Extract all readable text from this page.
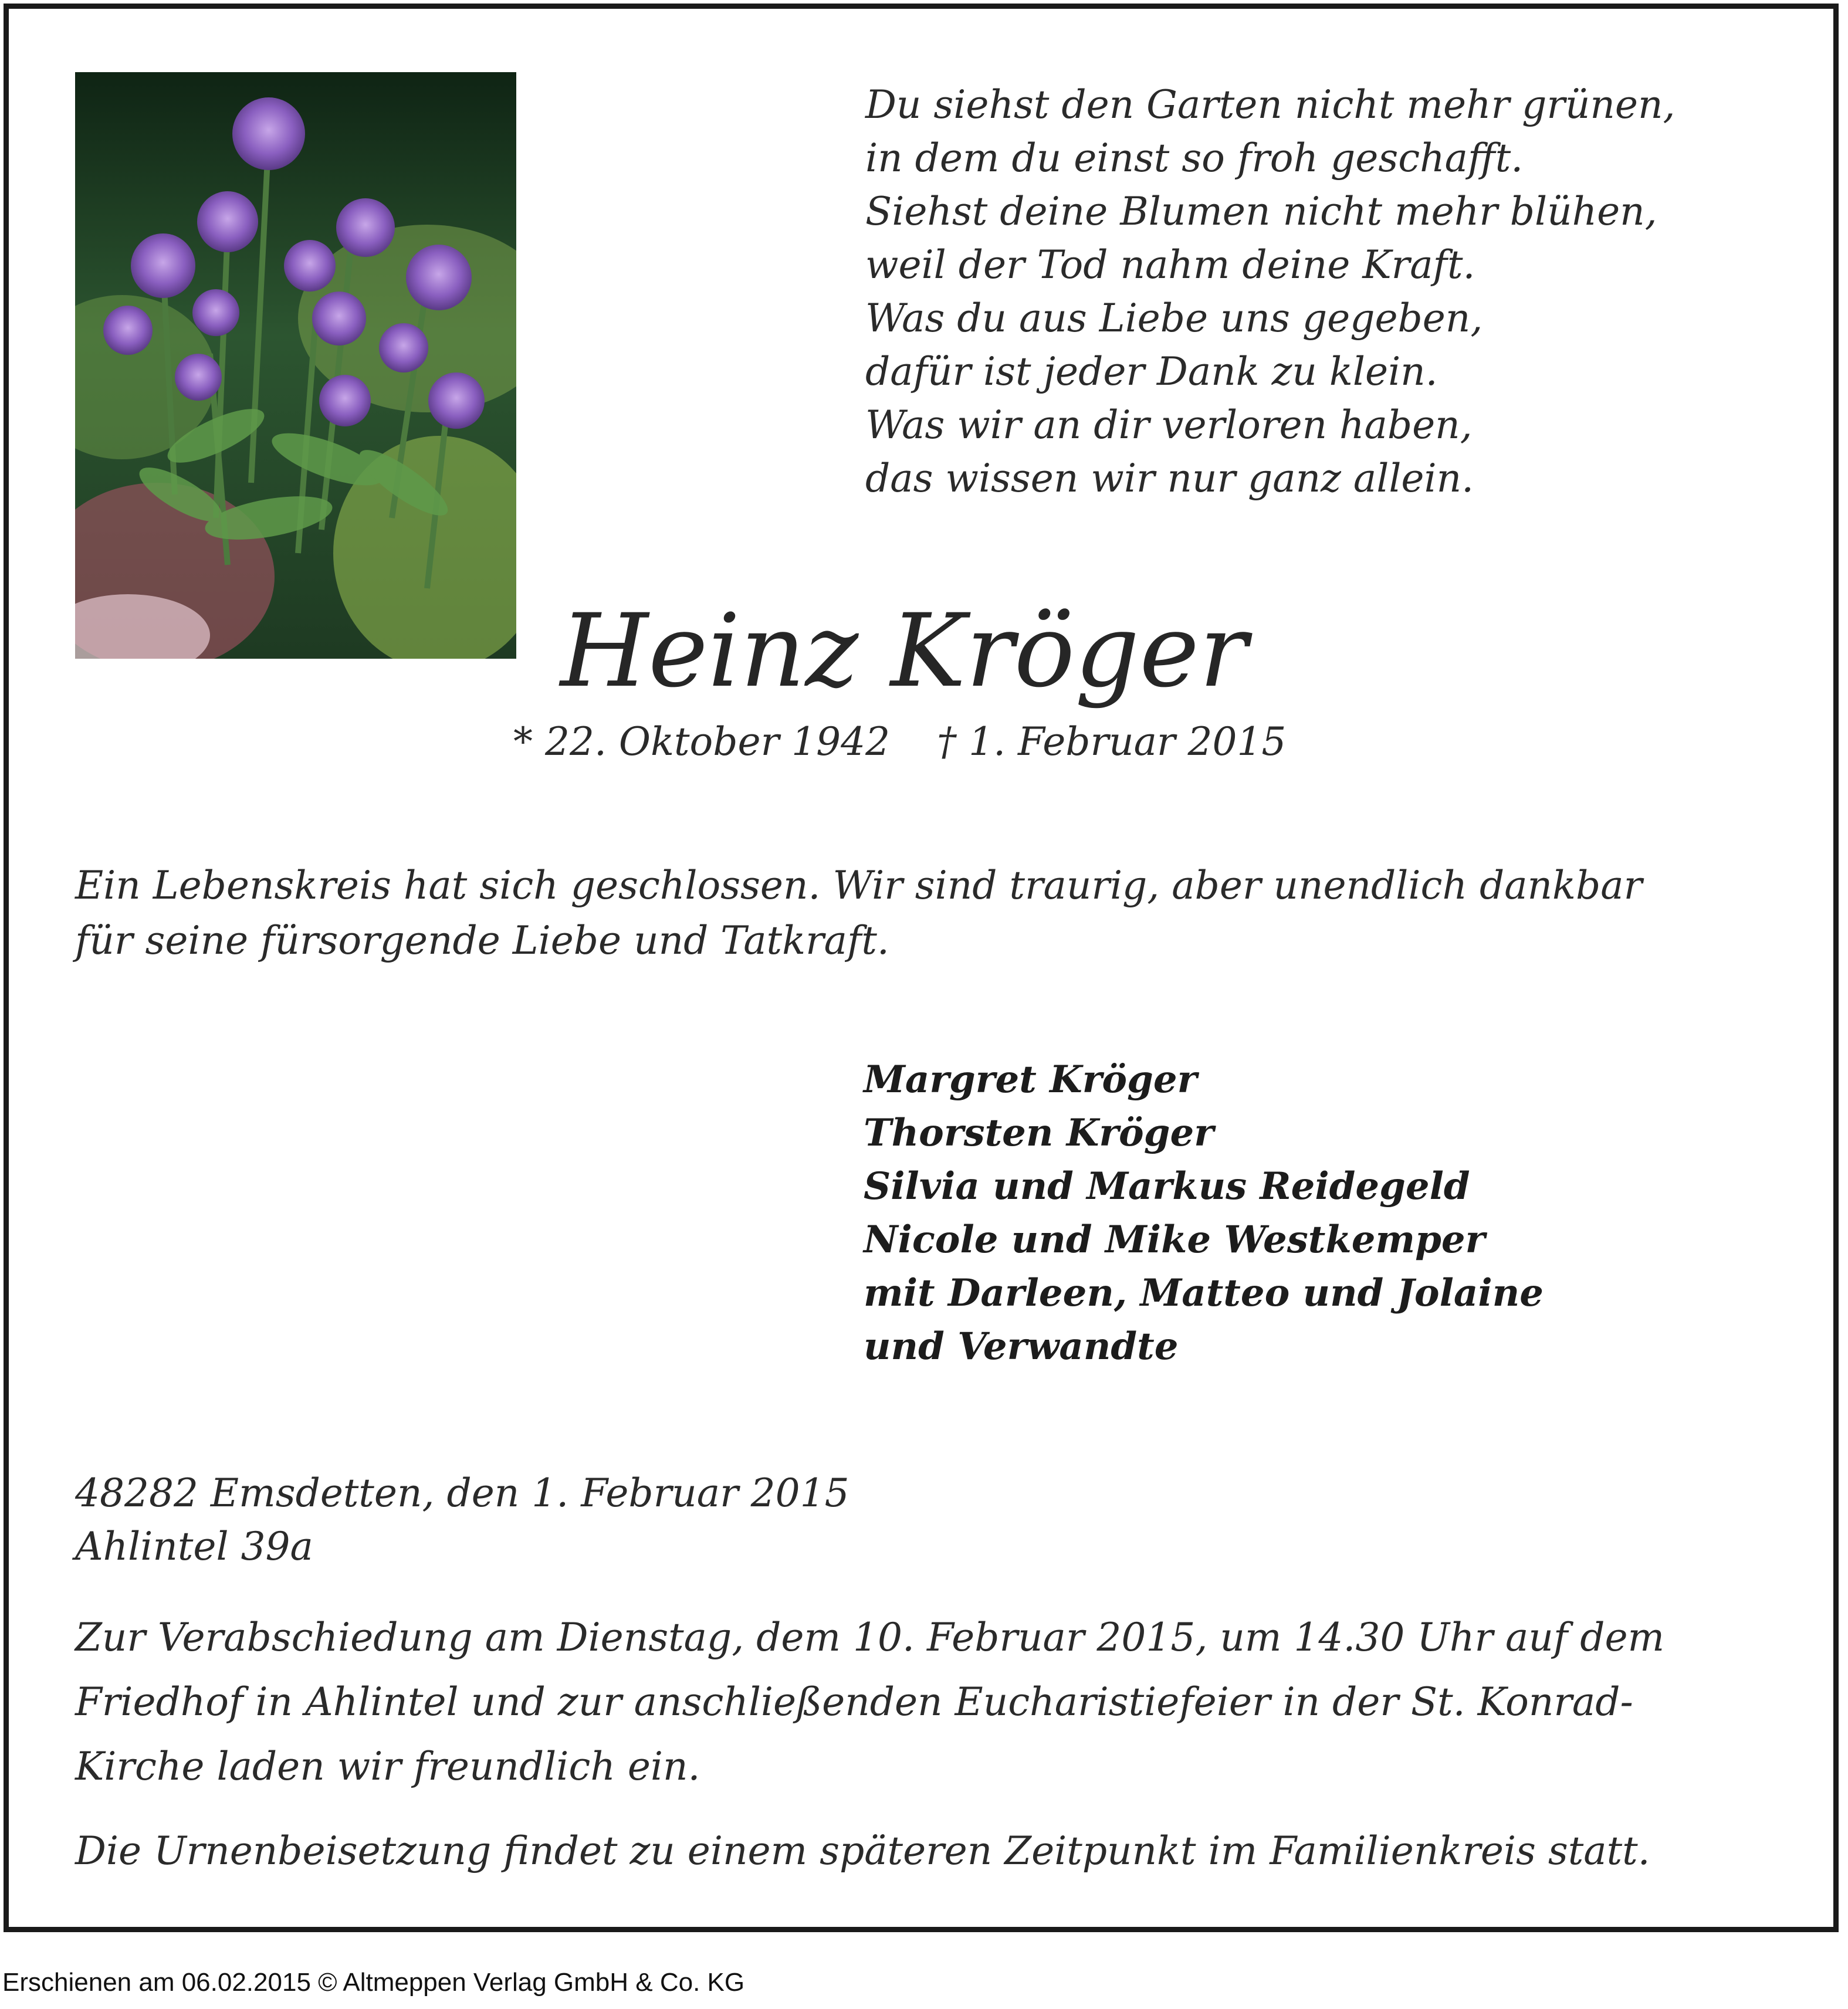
Du siehst den Garten nicht mehr grünen,
in dem du einst so froh geschafft.
Siehst deine Blumen nicht mehr blühen,
weil der Tod nahm deine Kraft.
Was du aus Liebe uns gegeben,
dafür ist jeder Dank zu klein.
Was wir an dir verloren haben,
das wissen wir nur ganz allein.
Heinz Kröger
* 22. Oktober 1942 † 1. Februar 2015
Ein Lebenskreis hat sich geschlossen. Wir sind traurig, aber unendlich dankbar
für seine fürsorgende Liebe und Tatkraft.
Margret Kröger
Thorsten Kröger
Silvia und Markus Reidegeld
Nicole und Mike Westkemper
mit Darleen, Matteo und Jolaine
und Verwandte
48282 Emsdetten, den 1. Februar 2015
Ahlintel 39a
Zur Verabschiedung am Dienstag, dem 10. Februar 2015, um 14.30 Uhr auf dem
Friedhof in Ahlintel und zur anschließenden Eucharistiefeier in der St. Konrad-
Kirche laden wir freundlich ein.
Die Urnenbeisetzung findet zu einem späteren Zeitpunkt im Familienkreis statt.
Erschienen am 06.02.2015 © Altmeppen Verlag GmbH & Co. KG
